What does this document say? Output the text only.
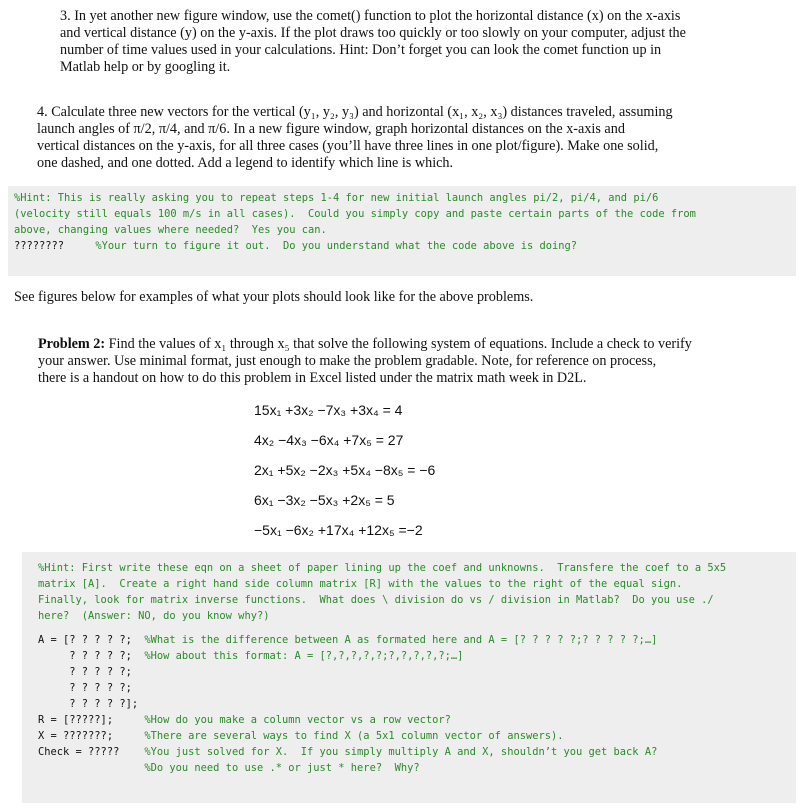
3. In yet another new figure window, use the comet() function to plot the horizontal distance (x) on the x-axis
and vertical distance (y) on the y-axis. If the plot draws too quickly or too slowly on your computer, adjust the
number of time values used in your calculations. Hint: Don’t forget you can look the comet function up in
Matlab help or by googling it.
4. Calculate three new vectors for the vertical (y₁, y₂, y₃) and horizontal (x₁, x₂, x₃) distances traveled, assuming
launch angles of π/2, π/4, and π/6. In a new figure window, graph horizontal distances on the x-axis and
vertical distances on the y-axis, for all three cases (you’ll have three lines in one plot/figure). Make one solid,
one dashed, and one dotted. Add a legend to identify which line is which.
%Hint: This is really asking you to repeat steps 1-4 for new initial launch angles pi/2, pi/4, and pi/6
(velocity still equals 100 m/s in all cases).  Could you simply copy and paste certain parts of the code from
above, changing values where needed?  Yes you can.
????????     %Your turn to figure it out.  Do you understand what the code above is doing?
See figures below for examples of what your plots should look like for the above problems.
Problem 2: Find the values of x₁ through x₅ that solve the following system of equations. Include a check to verify
your answer. Use minimal format, just enough to make the problem gradable. Note, for reference on process,
there is a handout on how to do this problem in Excel listed under the matrix math week in D2L.
15x₁ +3x₂ −7x₃ +3x₄ = 4
4x₂ −4x₃ −6x₄ +7x₅ = 27
2x₁ +5x₂ −2x₃ +5x₄ −8x₅ = −6
6x₁ −3x₂ −5x₃ +2x₅ = 5
−5x₁ −6x₂ +17x₄ +12x₅ =−2
%Hint: First write these eqn on a sheet of paper lining up the coef and unknowns.  Transfere the coef to a 5x5
matrix [A].  Create a right hand side column matrix [R] with the values to the right of the equal sign.
Finally, look for matrix inverse functions.  What does \ division do vs / division in Matlab?  Do you use ./
here?  (Answer: NO, do you know why?)
A = [? ? ? ? ?;  %What is the difference between A as formated here and A = [? ? ? ? ?;? ? ? ? ?;…]
? ? ? ? ?;  %How about this format: A = [?,?,?,?,?;?,?,?,?,?;…]
? ? ? ? ?;
? ? ? ? ?;
? ? ? ? ?];
R = [?????];     %How do you make a column vector vs a row vector?
X = ???????;     %There are several ways to find X (a 5x1 column vector of answers).
Check = ?????    %You just solved for X.  If you simply multiply A and X, shouldn’t you get back A?
%Do you need to use .* or just * here?  Why?
